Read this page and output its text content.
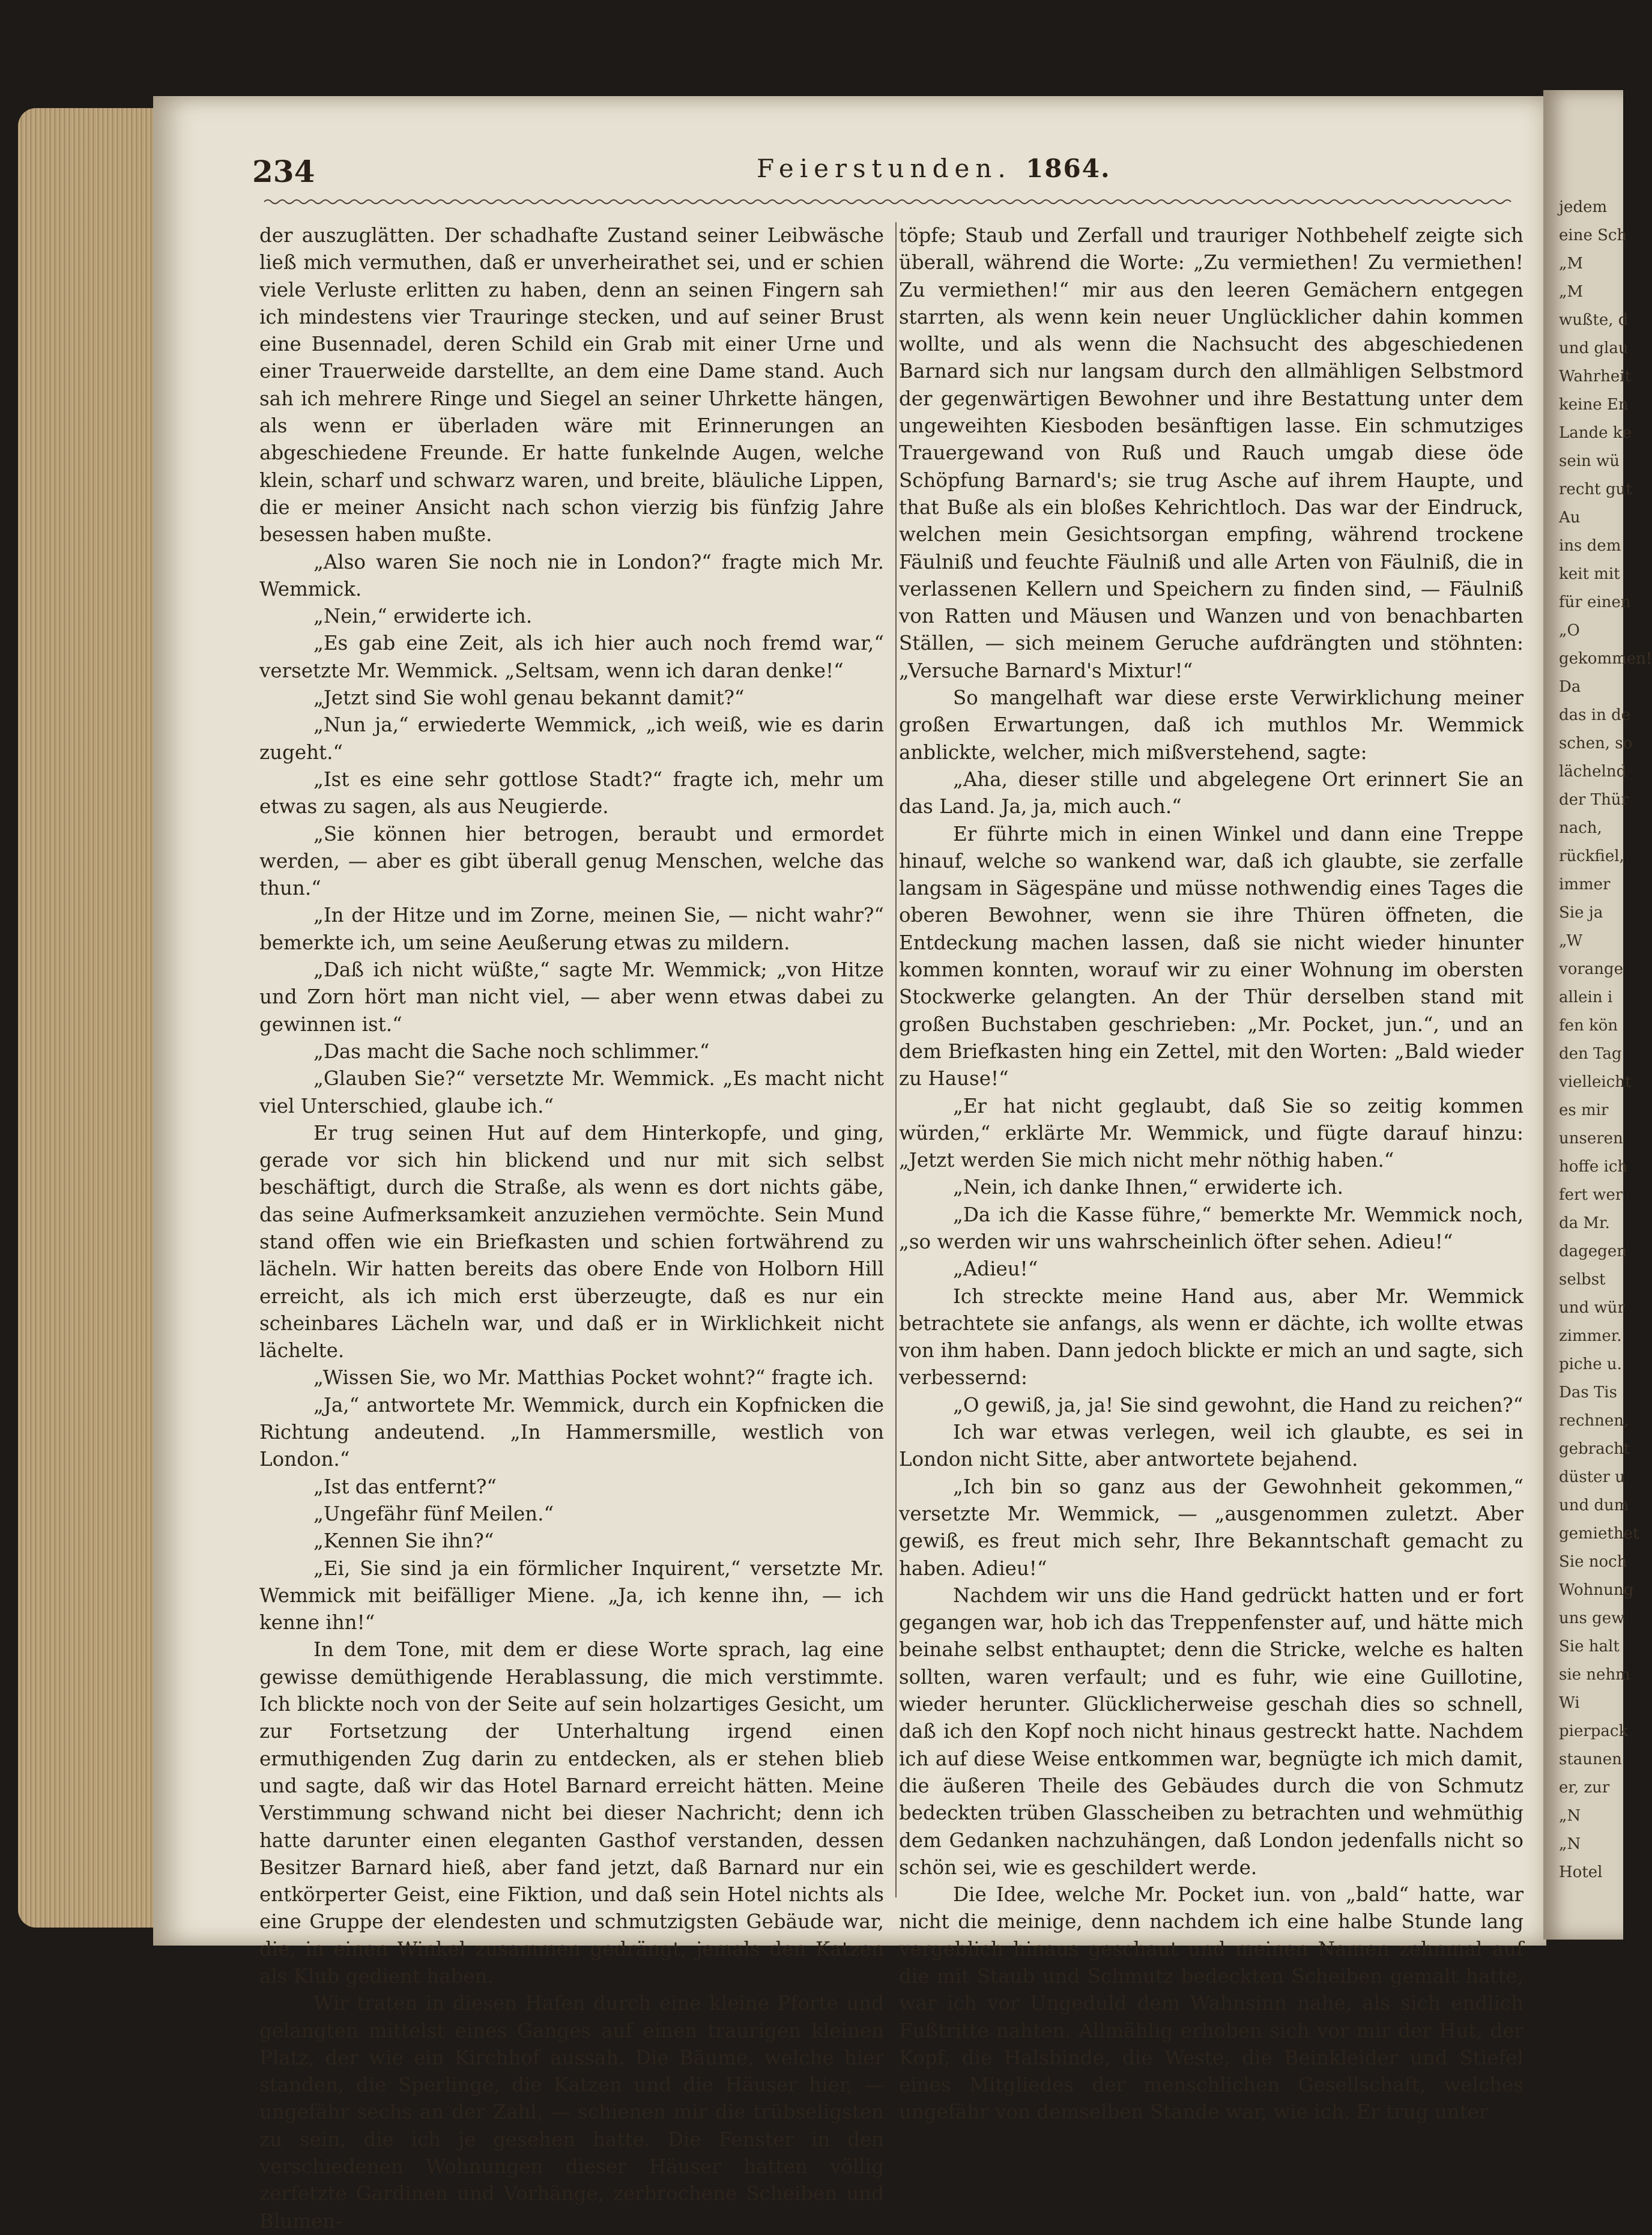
jedem
eine Sch
„M
„M
wußte, d
und glau
Wahrheit
keine En
Lande ke
sein wü
recht gut
Au
ins dem
keit mit
für einen
„O
gekommen!
Da
das in de
schen, so
lächelnd
der Thür
nach,
rückfiel,
immer
Sie ja
„W
vorange
allein i
fen kön
den Tag
vielleicht
es mir
unseren
hoffe ich
fert wer
da Mr.
dagegen
selbst
und wür
zimmer.
piche u.
Das Tis
rechnen,
gebracht
düster u
und dum
gemiethet
Sie noch
Wohnung
uns gew
Sie halt
sie nehm
Wi
pierpack
staunen
er, zur
„N
„N
Hotel
234	Feierstunden. 1864.

der auszuglätten. Der schadhafte Zustand seiner Leibwäsche ließ mich vermuthen, daß er unverheirathet sei, und er schien viele Verluste erlitten zu haben, denn an seinen Fingern sah ich mindestens vier Trauringe stecken, und auf seiner Brust eine Busennadel, deren Schild ein Grab mit einer Urne und einer Trauerweide darstellte, an dem eine Dame stand. Auch sah ich mehrere Ringe und Siegel an seiner Uhrkette hängen, als wenn er überladen wäre mit Erinnerungen an abgeschiedene Freunde. Er hatte funkelnde Augen, welche klein, scharf und schwarz waren, und breite, bläuliche Lippen, die er meiner Ansicht nach schon vierzig bis fünfzig Jahre besessen haben mußte.

„Also waren Sie noch nie in London?“ fragte mich Mr. Wemmick.

„Nein,“ erwiderte ich.

„Es gab eine Zeit, als ich hier auch noch fremd war,“ versetzte Mr. Wemmick. „Seltsam, wenn ich daran denke!“

„Jetzt sind Sie wohl genau bekannt damit?“

„Nun ja,“ erwiederte Wemmick, „ich weiß, wie es darin zugeht.“

„Ist es eine sehr gottlose Stadt?“ fragte ich, mehr um etwas zu sagen, als aus Neugierde.

„Sie können hier betrogen, beraubt und ermordet werden, — aber es gibt überall genug Menschen, welche das thun.“

„In der Hitze und im Zorne, meinen Sie, — nicht wahr?“ bemerkte ich, um seine Aeußerung etwas zu mildern.

„Daß ich nicht wüßte,“ sagte Mr. Wemmick; „von Hitze und Zorn hört man nicht viel, — aber wenn etwas dabei zu gewinnen ist.“

„Das macht die Sache noch schlimmer.“

„Glauben Sie?“ versetzte Mr. Wemmick. „Es macht nicht viel Unterschied, glaube ich.“

Er trug seinen Hut auf dem Hinterkopfe, und ging, gerade vor sich hin blickend und nur mit sich selbst beschäftigt, durch die Straße, als wenn es dort nichts gäbe, das seine Aufmerksamkeit anzuziehen vermöchte. Sein Mund stand offen wie ein Briefkasten und schien fortwährend zu lächeln. Wir hatten bereits das obere Ende von Holborn Hill erreicht, als ich mich erst überzeugte, daß es nur ein scheinbares Lächeln war, und daß er in Wirklichkeit nicht lächelte.

„Wissen Sie, wo Mr. Matthias Pocket wohnt?“ fragte ich.

„Ja,“ antwortete Mr. Wemmick, durch ein Kopfnicken die Richtung andeutend. „In Hammersmille, westlich von London.“

„Ist das entfernt?“

„Ungefähr fünf Meilen.“

„Kennen Sie ihn?“

„Ei, Sie sind ja ein förmlicher Inquirent,“ versetzte Mr. Wemmick mit beifälliger Miene. „Ja, ich kenne ihn, — ich kenne ihn!“

In dem Tone, mit dem er diese Worte sprach, lag eine gewisse demüthigende Herablassung, die mich verstimmte. Ich blickte noch von der Seite auf sein holzartiges Gesicht, um zur Fortsetzung der Unterhaltung irgend einen ermuthigenden Zug darin zu entdecken, als er stehen blieb und sagte, daß wir das Hotel Barnard erreicht hätten. Meine Verstimmung schwand nicht bei dieser Nachricht; denn ich hatte darunter einen eleganten Gasthof verstanden, dessen Besitzer Barnard hieß, aber fand jetzt, daß Barnard nur ein entkörperter Geist, eine Fiktion, und daß sein Hotel nichts als eine Gruppe der elendesten und schmutzigsten Gebäude war, die, in einen Winkel zusammen gedrängt, jemals den Katzen als Klub gedient haben.

Wir traten in diesen Hafen durch eine kleine Pforte und gelangten mittelst eines Ganges auf einen traurigen kleinen Platz, der wie ein Kirchhof aussah. Die Bäume, welche hier standen, die Sperlinge, die Katzen und die Häuser hier, — ungefähr sechs an der Zahl, — schienen mir die trübseligsten zu sein, die ich je gesehen hatte. Die Fenster in den verschiedenen Wohnungen dieser Häuser hatten völlig zerfetzte Gardinen und Vorhänge, zerbrochene Scheiben und Blumen-

töpfe; Staub und Zerfall und trauriger Nothbehelf zeigte sich überall, während die Worte: „Zu vermiethen! Zu vermiethen! Zu vermiethen!“ mir aus den leeren Gemächern entgegen starrten, als wenn kein neuer Unglücklicher dahin kommen wollte, und als wenn die Nachsucht des abgeschiedenen Barnard sich nur langsam durch den allmähligen Selbstmord der gegenwärtigen Bewohner und ihre Bestattung unter dem ungeweihten Kiesboden besänftigen lasse. Ein schmutziges Trauergewand von Ruß und Rauch umgab diese öde Schöpfung Barnard's; sie trug Asche auf ihrem Haupte, und that Buße als ein bloßes Kehrichtloch. Das war der Eindruck, welchen mein Gesichtsorgan empfing, während trockene Fäulniß und feuchte Fäulniß und alle Arten von Fäulniß, die in verlassenen Kellern und Speichern zu finden sind, — Fäulniß von Ratten und Mäusen und Wanzen und von benachbarten Ställen, — sich meinem Geruche aufdrängten und stöhnten: „Versuche Barnard's Mixtur!“

So mangelhaft war diese erste Verwirklichung meiner großen Erwartungen, daß ich muthlos Mr. Wemmick anblickte, welcher, mich mißverstehend, sagte:

„Aha, dieser stille und abgelegene Ort erinnert Sie an das Land. Ja, ja, mich auch.“

Er führte mich in einen Winkel und dann eine Treppe hinauf, welche so wankend war, daß ich glaubte, sie zerfalle langsam in Sägespäne und müsse nothwendig eines Tages die oberen Bewohner, wenn sie ihre Thüren öffneten, die Entdeckung machen lassen, daß sie nicht wieder hinunter kommen konnten, worauf wir zu einer Wohnung im obersten Stockwerke gelangten. An der Thür derselben stand mit großen Buchstaben geschrieben: „Mr. Pocket, jun.“, und an dem Briefkasten hing ein Zettel, mit den Worten: „Bald wieder zu Hause!“

„Er hat nicht geglaubt, daß Sie so zeitig kommen würden,“ erklärte Mr. Wemmick, und fügte darauf hinzu: „Jetzt werden Sie mich nicht mehr nöthig haben.“

„Nein, ich danke Ihnen,“ erwiderte ich.

„Da ich die Kasse führe,“ bemerkte Mr. Wemmick noch, „so werden wir uns wahrscheinlich öfter sehen. Adieu!“

„Adieu!“

Ich streckte meine Hand aus, aber Mr. Wemmick betrachtete sie anfangs, als wenn er dächte, ich wollte etwas von ihm haben. Dann jedoch blickte er mich an und sagte, sich verbessernd:

„O gewiß, ja, ja! Sie sind gewohnt, die Hand zu reichen?“

Ich war etwas verlegen, weil ich glaubte, es sei in London nicht Sitte, aber antwortete bejahend.

„Ich bin so ganz aus der Gewohnheit gekommen,“ versetzte Mr. Wemmick, — „ausgenommen zuletzt. Aber gewiß, es freut mich sehr, Ihre Bekanntschaft gemacht zu haben. Adieu!“

Nachdem wir uns die Hand gedrückt hatten und er fort gegangen war, hob ich das Treppenfenster auf, und hätte mich beinahe selbst enthauptet; denn die Stricke, welche es halten sollten, waren verfault; und es fuhr, wie eine Guillotine, wieder herunter. Glücklicherweise geschah dies so schnell, daß ich den Kopf noch nicht hinaus gestreckt hatte. Nachdem ich auf diese Weise entkommen war, begnügte ich mich damit, die äußeren Theile des Gebäudes durch die von Schmutz bedeckten trüben Glasscheiben zu betrachten und wehmüthig dem Gedanken nachzuhängen, daß London jedenfalls nicht so schön sei, wie es geschildert werde.

Die Idee, welche Mr. Pocket iun. von „bald“ hatte, war nicht die meinige, denn nachdem ich eine halbe Stunde lang vergeblich hinaus geschaut und meinen Namen zehnmal auf die mit Staub und Schmutz bedeckten Scheiben gemalt hatte, war ich vor Ungeduld dem Wahnsinn nahe, als sich endlich Fußtritte nahten. Allmählig erhoben sich vor mir der Hut, der Kopf, die Halsbinde, die Weste, die Beinkleider und Stiefel eines Mitgliedes der menschlichen Gesellschaft, welches ungefähr von demselben Stande war, wie ich. Er trug unter
